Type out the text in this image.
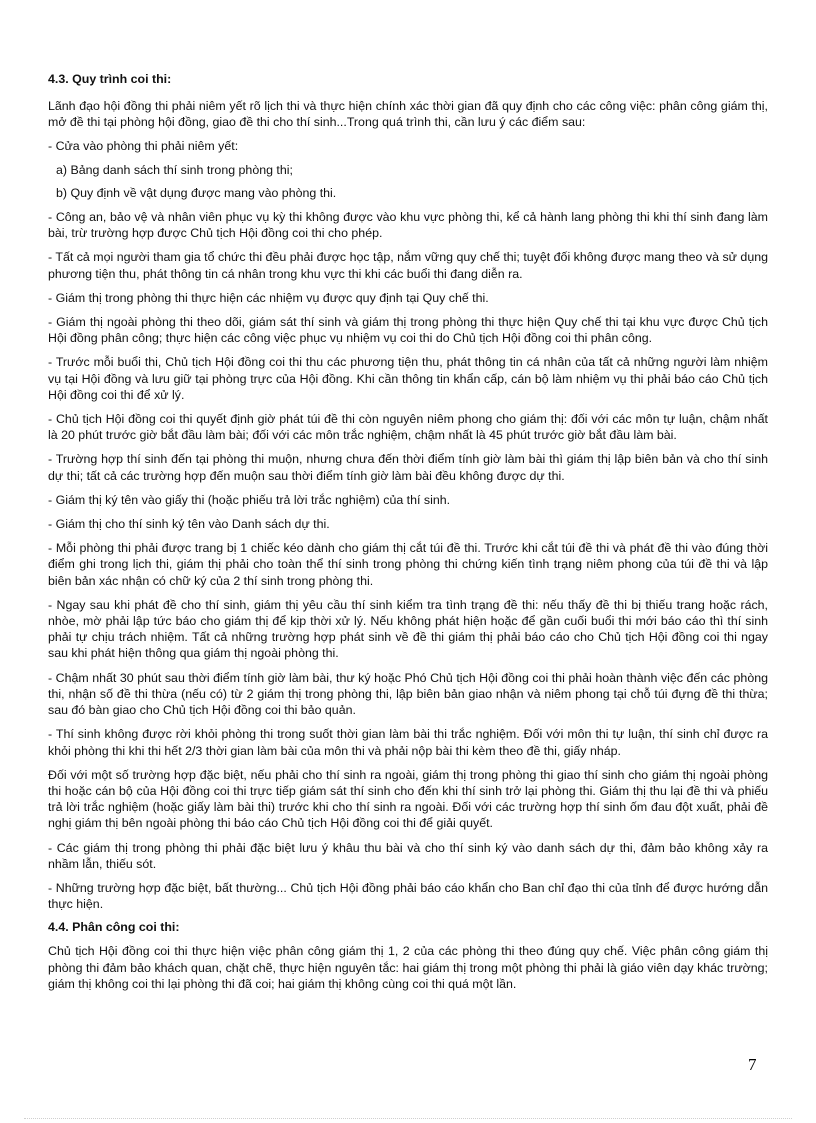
4.3. Quy trình coi thi:

Lãnh đạo hội đồng thi phải niêm yết rõ lịch thi và thực hiện chính xác thời gian đã quy định cho các công việc: phân công giám thị, mở đề thi tại phòng hội đồng, giao đề thi cho thí sinh...Trong quá trình thi, cần lưu ý các điểm sau:

- Cửa vào phòng thi phải niêm yết:

a) Bảng danh sách thí sinh trong phòng thi;

b) Quy định về vật dụng được mang vào phòng thi.

- Công an, bảo vệ và nhân viên phục vụ kỳ thi không được vào khu vực phòng thi, kể cả hành lang phòng thi khi thí sinh đang làm bài, trừ trường hợp được Chủ tịch Hội đồng coi thi cho phép.

- Tất cả mọi người tham gia tổ chức thi đều phải được học tập, nắm vững quy chế thi; tuyệt đối không được mang theo và sử dụng phương tiện thu, phát thông tin cá nhân trong khu vực thi khi các buổi thi đang diễn ra.

- Giám thị trong phòng thi thực hiện các nhiệm vụ được quy định tại Quy chế thi.

- Giám thị ngoài phòng thi theo dõi, giám sát thí sinh và giám thị trong phòng thi thực hiện Quy chế thi tại khu vực được Chủ tịch Hội đồng phân công; thực hiện các công việc phục vụ nhiệm vụ coi thi do Chủ tịch Hội đồng coi thi phân công.

- Trước mỗi buổi thi, Chủ tịch Hội đồng coi thi thu các phương tiện thu, phát thông tin cá nhân của tất cả những người làm nhiệm vụ tại Hội đồng và lưu giữ tại phòng trực của Hội đồng. Khi cần thông tin khẩn cấp, cán bộ làm nhiệm vụ thi phải báo cáo Chủ tịch Hội đồng coi thi để xử lý.

- Chủ tịch Hội đồng coi thi quyết định giờ phát túi đề thi còn nguyên niêm phong cho giám thị: đối với các môn tự luận, chậm nhất là 20 phút trước giờ bắt đầu làm bài; đối với các môn trắc nghiệm, chậm nhất là 45 phút trước giờ bắt đầu làm bài.

- Trường hợp thí sinh đến tại phòng thi muộn, nhưng chưa đến thời điểm tính giờ làm bài thì giám thị lập biên bản và cho thí sinh dự thi; tất cả các trường hợp đến muộn sau thời điểm tính giờ làm bài đều không được dự thi.

- Giám thị ký tên vào giấy thi (hoặc phiếu trả lời trắc nghiệm) của thí sinh.

- Giám thị cho thí sinh ký tên vào Danh sách dự thi.

- Mỗi phòng thi phải được trang bị 1 chiếc kéo dành cho giám thị cắt túi đề thi. Trước khi cắt túi đề thi và phát đề thi vào đúng thời điểm ghi trong lịch thi, giám thị phải cho toàn thể thí sinh trong phòng thi chứng kiến tình trạng niêm phong của túi đề thi và lập biên bản xác nhận có chữ ký của 2 thí sinh trong phòng thi.

- Ngay sau khi phát đề cho thí sinh, giám thị yêu cầu thí sinh kiểm tra tình trạng đề thi: nếu thấy đề thi bị thiếu trang hoặc rách, nhòe, mờ phải lập tức báo cho giám thị để kịp thời xử lý. Nếu không phát hiện hoặc để gần cuối buổi thi mới báo cáo thì thí sinh phải tự chịu trách nhiệm. Tất cả những trường hợp phát sinh về đề thi giám thị phải báo cáo cho Chủ tịch Hội đồng coi thi ngay sau khi phát hiện thông qua giám thị ngoài phòng thi.

- Chậm nhất 30 phút sau thời điểm tính giờ làm bài, thư ký hoặc Phó Chủ tịch Hội đồng coi thi phải hoàn thành việc đến các phòng thi, nhận số đề thi thừa (nếu có) từ 2 giám thị trong phòng thi, lập biên bản giao nhận và niêm phong tại chỗ túi đựng đề thi thừa; sau đó bàn giao cho Chủ tịch Hội đồng coi thi bảo quản.

- Thí sinh không được rời khỏi phòng thi trong suốt thời gian làm bài thi trắc nghiệm. Đối với môn thi tự luận, thí sinh chỉ được ra khỏi phòng thi khi thi hết 2/3 thời gian làm bài của môn thi và phải nộp bài thi kèm theo đề thi, giấy nháp.

Đối với một số trường hợp đặc biệt, nếu phải cho thí sinh ra ngoài, giám thị trong phòng thi giao thí sinh cho giám thị ngoài phòng thi hoặc cán bộ của Hội đồng coi thi trực tiếp giám sát thí sinh cho đến khi thí sinh trở lại phòng thi. Giám thị thu lại đề thi và phiếu trả lời trắc nghiệm (hoặc giấy làm bài thi) trước khi cho thí sinh ra ngoài. Đối với các trường hợp thí sinh ốm đau đột xuất, phải đề nghị giám thị bên ngoài phòng thi báo cáo Chủ tịch Hội đồng coi thi để giải quyết.

- Các giám thị trong phòng thi phải đặc biệt lưu ý khâu thu bài và cho thí sinh ký vào danh sách dự thi, đảm bảo không xảy ra nhầm lẫn, thiếu sót.

- Những trường hợp đặc biệt, bất thường... Chủ tịch Hội đồng phải báo cáo khẩn cho Ban chỉ đạo thi của tỉnh để được hướng dẫn thực hiện.

4.4. Phân công coi thi:

Chủ tịch Hội đồng coi thi thực hiện việc phân công giám thị 1, 2 của các phòng thi theo đúng quy chế. Việc phân công giám thị phòng thi đảm bảo khách quan, chặt chẽ, thực hiện nguyên tắc: hai giám thị trong một phòng thi phải là giáo viên dạy khác trường; giám thị không coi thi lại phòng thi đã coi; hai giám thị không cùng coi thi quá một lần.

7
